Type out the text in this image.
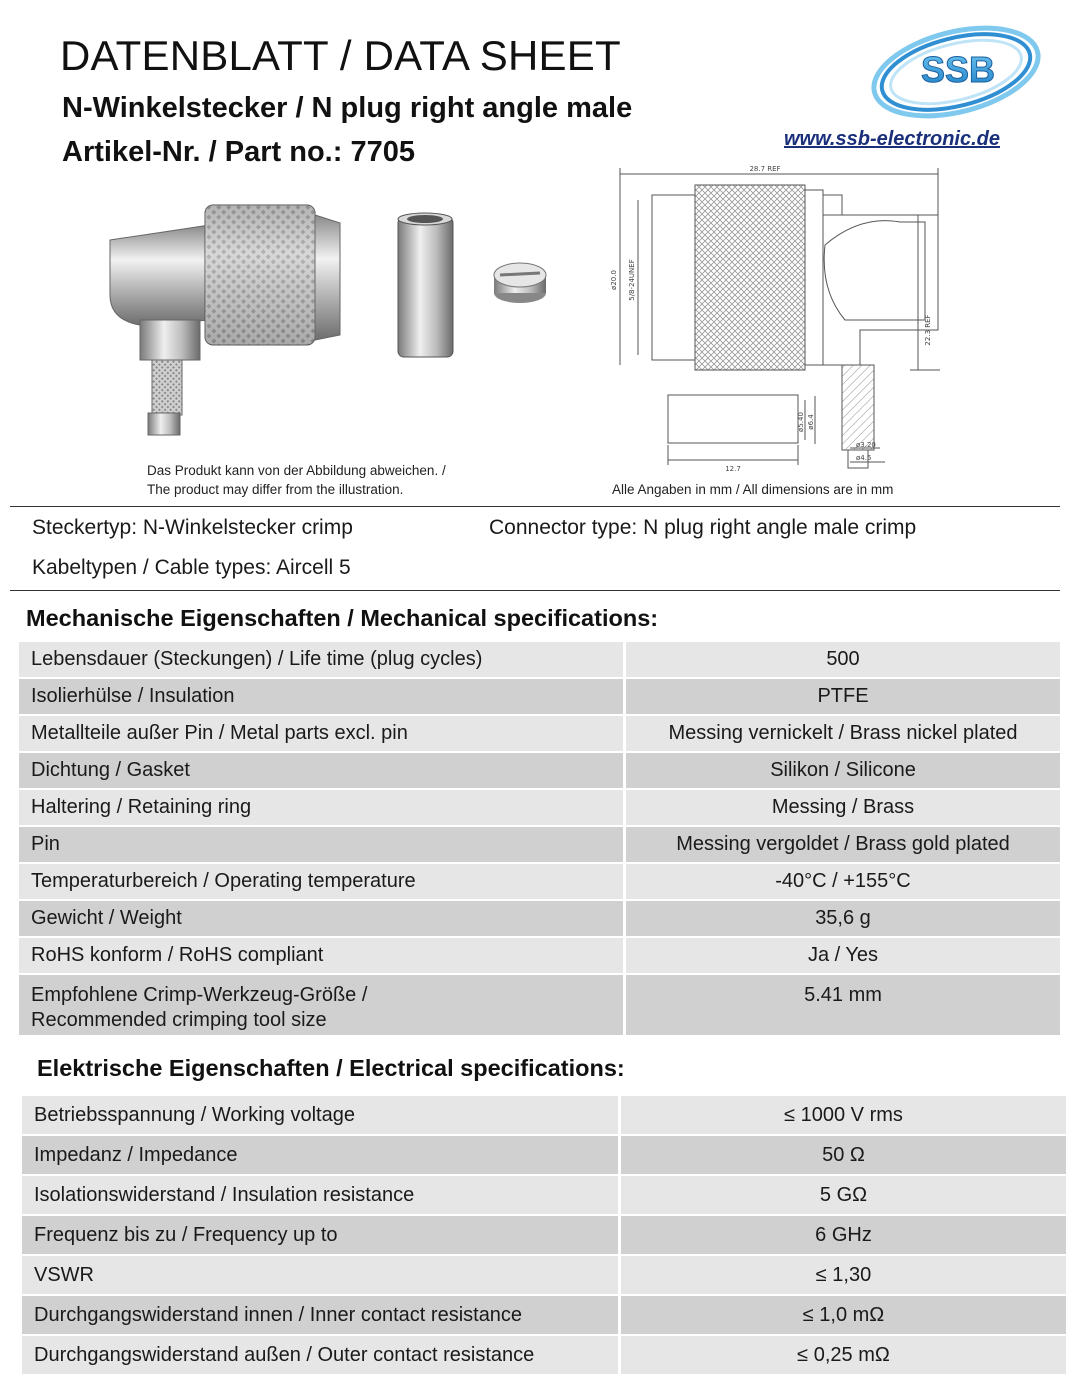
DATENBLATT / DATA SHEET
N-Winkelstecker / N plug right angle male
Artikel-Nr. / Part no.: 7705	www.ssb-electronic.de
SSB
28.7 REF
ø20.0 5/8-24UNEF
22.3 REF
12.7
ø5.40 ø6.4
ø3.20
ø4.5
Das Produkt kann von der Abbildung abweichen. /
The product may differ from the illustration.	Alle Angaben in mm / All dimensions are in mm
Steckertyp: N-Winkelstecker crimp	Connector type: N plug right angle male crimp
Kabeltypen / Cable types: Aircell 5
Mechanische Eigenschaften / Mechanical specifications:
Lebensdauer (Steckungen) / Life time (plug cycles)	500
Isolierhülse / Insulation	PTFE
Metallteile außer Pin / Metal parts excl. pin	Messing vernickelt / Brass nickel plated
Dichtung / Gasket	Silikon / Silicone
Haltering / Retaining ring	Messing / Brass
Pin	Messing vergoldet / Brass gold plated
Temperaturbereich / Operating temperature	-40°C / +155°C
Gewicht / Weight	35,6 g
RoHS konform / RoHS compliant	Ja / Yes

Empfohlene Crimp-Werkzeug-Größe /
Recommended crimping tool size	5.41 mm
Elektrische Eigenschaften / Electrical specifications:
Betriebsspannung / Working voltage	≤ 1000 V rms
Impedanz / Impedance	50 Ω
Isolationswiderstand / Insulation resistance	5 GΩ
Frequenz bis zu / Frequency up to	6 GHz
VSWR	≤ 1,30
Durchgangswiderstand innen / Inner contact resistance	≤ 1,0 mΩ
Durchgangswiderstand außen / Outer contact resistance	≤ 0,25 mΩ
